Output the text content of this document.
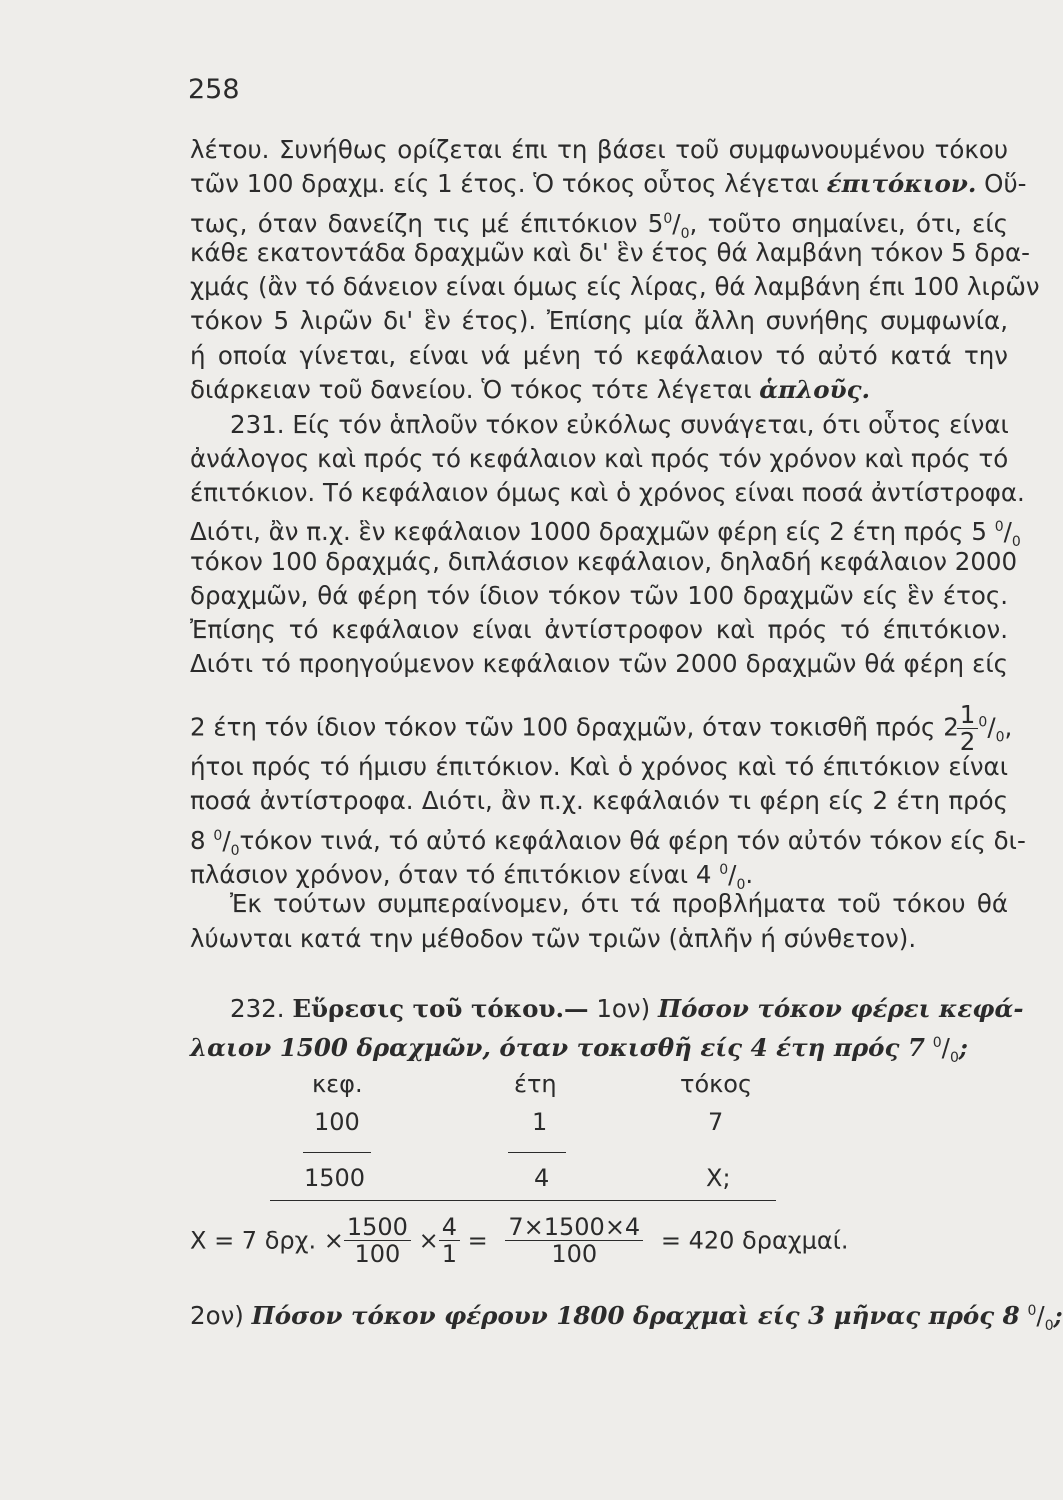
258
λέτου. Συνήθως ορίζεται έπι τη βάσει τοῦ συμφωνουμένου τόκου
τῶν 100 δραχμ. είς 1 έτος. Ὁ τόκος οὗτος λέγεται έπιτόκιον. Οὕ-
τως, όταν δανείζη τις μέ έπιτόκιον $5^0/_0$, τοῦτο σημαίνει, ότι, είς
κάθε εκατοντάδα δραχμῶν καὶ δι' ἓν έτος θά λαμβάνη τόκον 5 δρα-
χμάς (ἂν τό δάνειον είναι όμως είς λίρας, θά λαμβάνη έπι 100 λιρῶν
τόκον 5 λιρῶν δι' ἓν έτος). Ἐπίσης μία ἄλλη συνήθης συμφωνία,
ή οποία γίνεται, είναι νά μένη τό κεφάλαιον τό αὐτό κατά την
διάρκειαν τοῦ δανείου. Ὁ τόκος τότε λέγεται ἁπλοῦς.
231. Είς τόν ἁπλοῦν τόκον εὐκόλως συνάγεται, ότι οὗτος είναι
ἀνάλογος καὶ πρός τό κεφάλαιον καὶ πρός τόν χρόνον καὶ πρός τό
έπιτόκιον. Τό κεφάλαιον όμως καὶ ὁ χρόνος είναι ποσά ἀντίστροφα.
Διότι, ἂν π.χ. ἓν κεφάλαιον 1000 δραχμῶν φέρη είς 2 έτη πρός 5 $^0/_0$
τόκον 100 δραχμάς, διπλάσιον κεφάλαιον, δηλαδή κεφάλαιον 2000
δραχμῶν, θά φέρη τόν ίδιον τόκον τῶν 100 δραχμῶν είς ἓν έτος.
Ἐπίσης τό κεφάλαιον είναι ἀντίστροφον καὶ πρός τό έπιτόκιον.
Διότι τό προηγούμενον κεφάλαιον τῶν 2000 δραχμῶν θά φέρη είς
2 έτη τόν ίδιον τόκον τῶν 100 δραχμῶν, όταν τοκισθῆ πρός 2
$\frac{1}{2} ^0/_0$,
ήτοι πρός τό ήμισυ έπιτόκιον. Καὶ ὁ χρόνος καὶ τό έπιτόκιον είναι
ποσά ἀντίστροφα. Διότι, ἂν π.χ. κεφάλαιόν τι φέρη είς 2 έτη πρός
8 $^0/_0\tau ό\kappa o\nu$ τινά, τό αὐτό κεφάλαιον θά φέρη τόν αὐτόν τόκον είς δι-
πλάσιον χρόνον, όταν τό έπιτόκιον είναι 4 $^0/_0$.
Ἐκ τούτων συμπεραίνομεν, ότι τά προβλήματα τοῦ τόκου θά
λύωνται κατά την μέθοδον τῶν τριῶν (ἁπλῆν ή σύνθετον).
232. Εὕρεσις τοῦ τόκου.— 1ον) Πόσον τόκον φέρει κεφά-
λαιον 1500 δραχμῶν, όταν τοκισθῆ είς 4 έτη πρός 7 $^0/_0$;
κεφ.	έτη	τόκος
100	1	7
1500	4	Χ;
Χ = 7 δρχ. × $\frac{1500}{100} \times \frac{4}{1} = \frac{7\times 1500\times 4}{100} = 420$ δραχμαί.
2ον) Πόσον τόκον φέρουν 1800 δραχμαὶ είς 3 μῆνας πρός 8 $^0/_0$;
